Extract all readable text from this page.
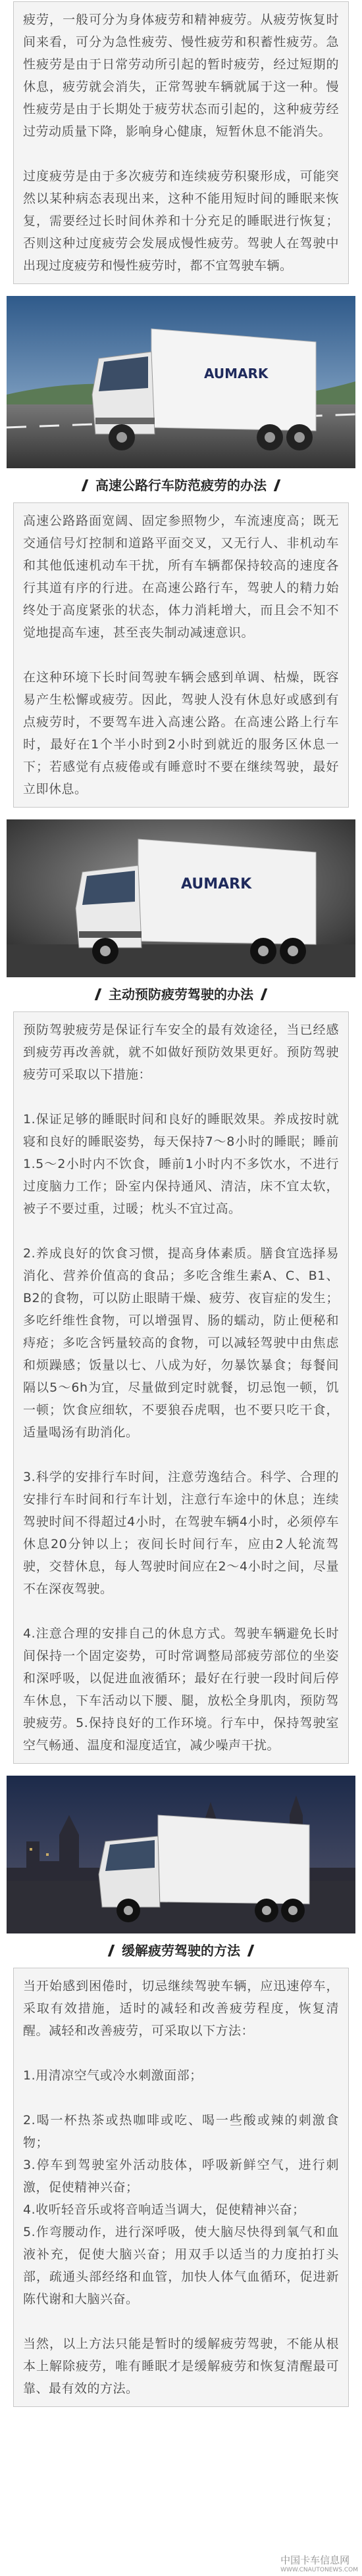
疲劳，一般可分为身体疲劳和精神疲劳。从疲劳恢复时间来看，可分为急性疲劳、慢性疲劳和积蓄性疲劳。急性疲劳是由于日常劳动所引起的暂时疲劳，经过短期的休息，疲劳就会消失，正常驾驶车辆就属于这一种。慢性疲劳是由于长期处于疲劳状态而引起的，这种疲劳经过劳动质量下降，影响身心健康，短暂休息不能消失。

过度疲劳是由于多次疲劳和连续疲劳积聚形成，可能突然以某种病态表现出来，这种不能用短时间的睡眠来恢复，需要经过长时间休养和十分充足的睡眠进行恢复；否则这种过度疲劳会发展成慢性疲劳。驾驶人在驾驶中出现过度疲劳和慢性疲劳时，都不宜驾驶车辆。

AUMARK
高速公路行车防范疲劳的办法

高速公路路面宽阔、固定参照物少，车流速度高；既无交通信号灯控制和道路平面交叉，又无行人、非机动车和其他低速机动车干扰，所有车辆都保持较高的速度各行其道有序的行进。在高速公路行车，驾驶人的精力始终处于高度紧张的状态，体力消耗增大，而且会不知不觉地提高车速，甚至丧失制动减速意识。

在这种环境下长时间驾驶车辆会感到单调、枯燥，既容易产生松懈或疲劳。因此，驾驶人没有休息好或感到有点疲劳时，不要驾车进入高速公路。在高速公路上行车时，最好在1个半小时到2小时到就近的服务区休息一下；若感觉有点疲倦或有睡意时不要在继续驾驶，最好立即休息。

AUMARK
主动预防疲劳驾驶的办法

预防驾驶疲劳是保证行车安全的最有效途径，当已经感到疲劳再改善就，就不如做好预防效果更好。预防驾驶疲劳可采取以下措施：

1.保证足够的睡眠时间和良好的睡眠效果。养成按时就寝和良好的睡眠姿势，每天保持7～8小时的睡眠；睡前1.5～2小时内不饮食，睡前1小时内不多饮水，不进行过度脑力工作；卧室内保持通风、清洁，床不宜太软，被子不要过重，过暖；枕头不宜过高。

2.养成良好的饮食习惯，提高身体素质。膳食宜选择易消化、营养价值高的食品；多吃含维生素A、C、B1、B2的食物，可以防止眼睛干燥、疲劳、夜盲症的发生；多吃纤维性食物，可以增强胃、肠的蠕动，防止便秘和痔疮；多吃含钙量较高的食物，可以减轻驾驶中由焦虑和烦躁感；饭量以七、八成为好，勿暴饮暴食；每餐间隔以5～6h为宜，尽量做到定时就餐，切忌饱一顿，饥一顿；饮食应细软，不要狼吞虎咽，也不要只吃干食，适量喝汤有助消化。

3.科学的安排行车时间，注意劳逸结合。科学、合理的安排行车时间和行车计划，注意行车途中的休息；连续驾驶时间不得超过4小时，在驾驶车辆4小时，必须停车休息20分钟以上；夜间长时间行车，应由2人轮流驾驶，交替休息，每人驾驶时间应在2～4小时之间，尽量不在深夜驾驶。

4.注意合理的安排自己的休息方式。驾驶车辆避免长时间保持一个固定姿势，可时常调整局部疲劳部位的坐姿和深呼吸，以促进血液循环；最好在行驶一段时间后停车休息，下车活动以下腰、腿，放松全身肌肉，预防驾驶疲劳。5.保持良好的工作环境。行车中，保持驾驶室空气畅通、温度和湿度适宜，减少噪声干扰。

缓解疲劳驾驶的方法

当开始感到困倦时，切忌继续驾驶车辆，应迅速停车，采取有效措施，适时的减轻和改善疲劳程度，恢复清醒。减轻和改善疲劳，可采取以下方法：

1.用清凉空气或冷水刺激面部；

2.喝一杯热茶或热咖啡或吃、喝一些酸或辣的刺激食物；

3.停车到驾驶室外活动肢体，呼吸新鲜空气，进行刺激，促使精神兴奋；

4.收听轻音乐或将音响适当调大，促使精神兴奋；

5.作弯腰动作，进行深呼吸，使大脑尽快得到氧气和血液补充，促使大脑兴奋；用双手以适当的力度拍打头部，疏通头部经络和血管，加快人体气血循环，促进新陈代谢和大脑兴奋。

当然，以上方法只能是暂时的缓解疲劳驾驶，不能从根本上解除疲劳，唯有睡眠才是缓解疲劳和恢复清醒最可靠、最有效的方法。

中国卡车信息网
WWW.CNAUTONEWS.COM
